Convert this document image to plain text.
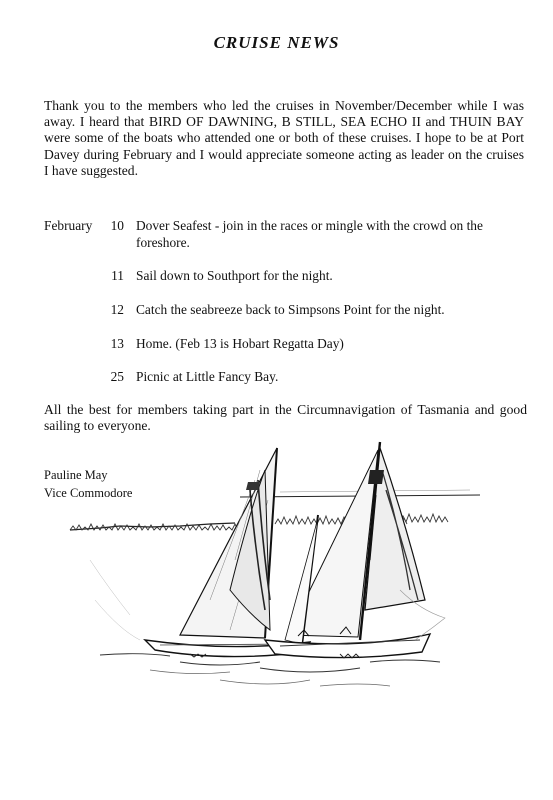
CRUISE NEWS
Thank you to the members who led the cruises in November/December while I was away. I heard that BIRD OF DAWNING, B STILL, SEA ECHO II and THUIN BAY were some of the boats who attended one or both of these cruises. I hope to be at Port Davey during February and I would appreciate someone acting as leader on the cruises I have suggested.
February	10 Dover Seafest - join in the races or mingle with the crowd on the foreshore.
11 Sail down to Southport for the night.
12 Catch the seabreeze back to Simpsons Point for the night.
13 Home. (Feb 13 is Hobart Regatta Day)
25 Picnic at Little Fancy Bay.
All the best for members taking part in the Circumnavigation of Tasmania and good sailing to everyone.
Pauline May
Vice Commodore
